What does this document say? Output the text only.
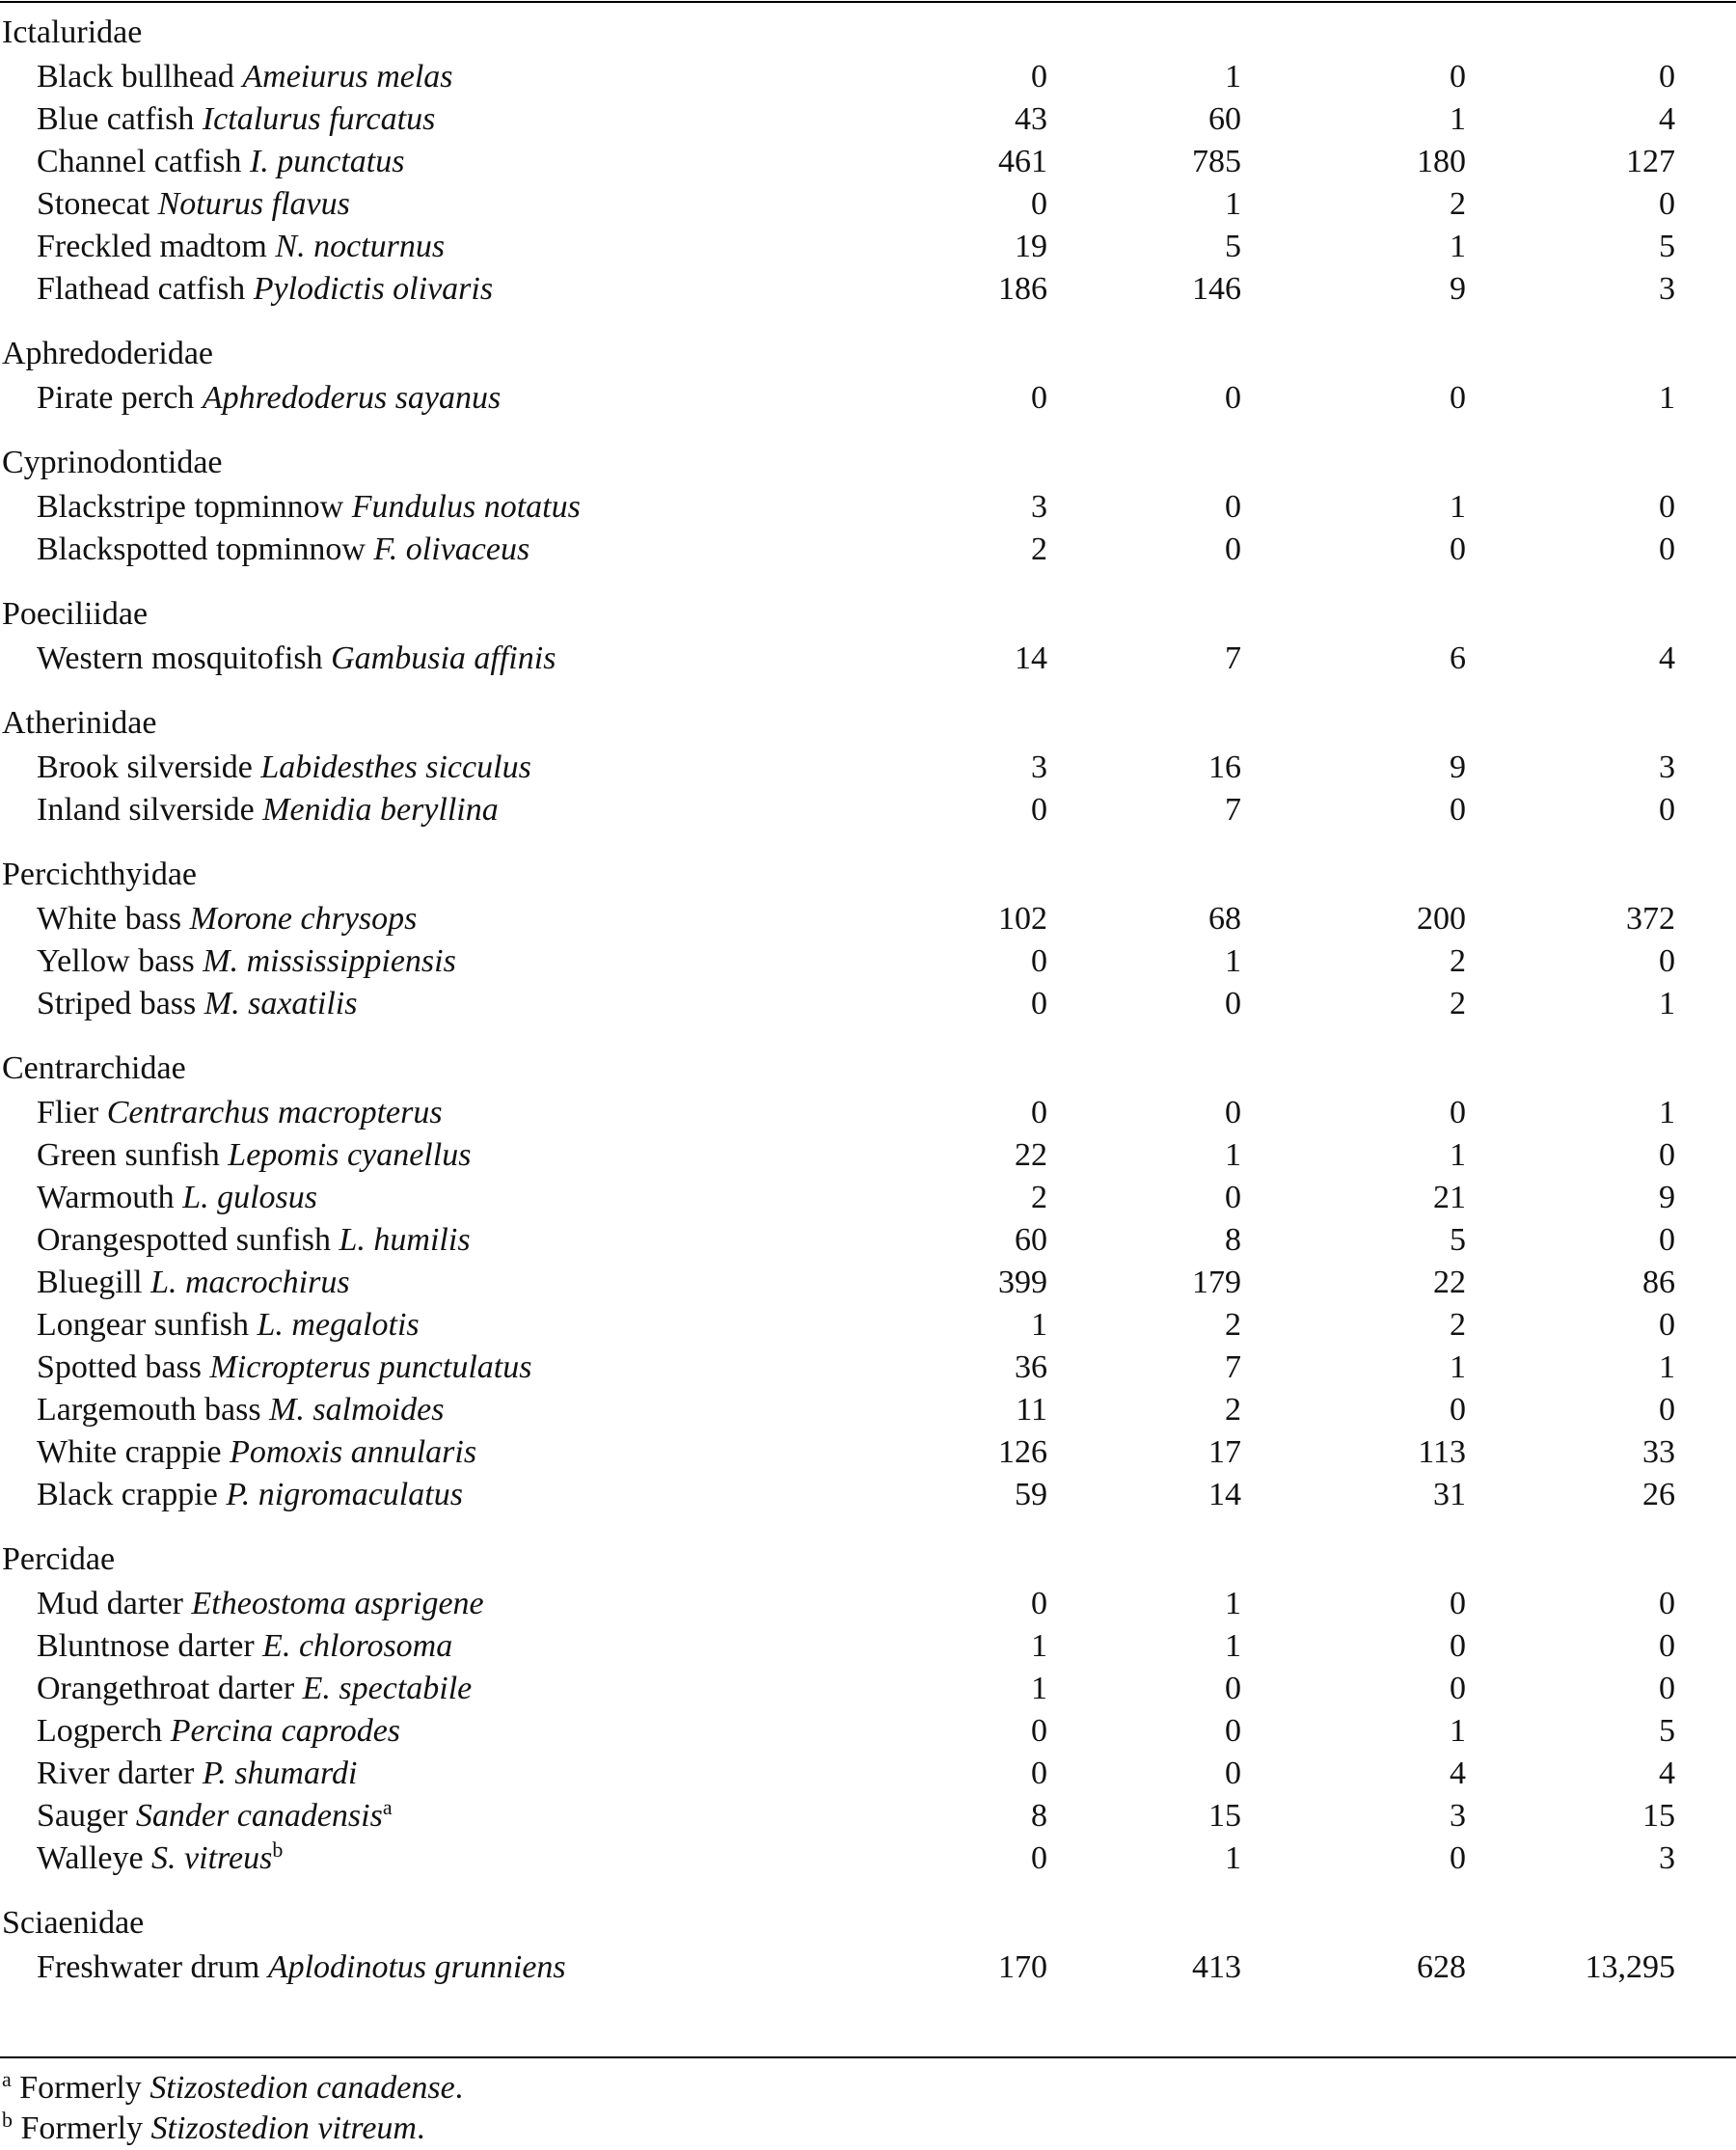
Ictaluridae
Black bullhead Ameiurus melas	0	1	0	0
Blue catfish Ictalurus furcatus	43	60	1	4
Channel catfish I. punctatus	461	785	180	127
Stonecat Noturus flavus	0	1	2	0
Freckled madtom N. nocturnus	19	5	1	5
Flathead catfish Pylodictis olivaris	186	146	9	3
Aphredoderidae
Pirate perch Aphredoderus sayanus	0	0	0	1
Cyprinodontidae
Blackstripe topminnow Fundulus notatus	3	0	1	0
Blackspotted topminnow F. olivaceus	2	0	0	0
Poeciliidae
Western mosquitofish Gambusia affinis	14	7	6	4
Atherinidae
Brook silverside Labidesthes sicculus	3	16	9	3
Inland silverside Menidia beryllina	0	7	0	0
Percichthyidae
White bass Morone chrysops	102	68	200	372
Yellow bass M. mississippiensis	0	1	2	0
Striped bass M. saxatilis	0	0	2	1
Centrarchidae
Flier Centrarchus macropterus	0	0	0	1
Green sunfish Lepomis cyanellus	22	1	1	0
Warmouth L. gulosus	2	0	21	9
Orangespotted sunfish L. humilis	60	8	5	0
Bluegill L. macrochirus	399	179	22	86
Longear sunfish L. megalotis	1	2	2	0
Spotted bass Micropterus punctulatus	36	7	1	1
Largemouth bass M. salmoides	11	2	0	0
White crappie Pomoxis annularis	126	17	113	33
Black crappie P. nigromaculatus	59	14	31	26
Percidae
Mud darter Etheostoma asprigene	0	1	0	0
Bluntnose darter E. chlorosoma	1	1	0	0
Orangethroat darter E. spectabile	1	0	0	0
Logperch Percina caprodes	0	0	1	5
River darter P. shumardi	0	0	4	4
Sauger Sander canadensis$^a$	8	15	3	15
Walleye S. vitreus$^b$	0	1	0	3
Sciaenidae
Freshwater drum Aplodinotus grunniens	170	413	628	13,295
$^a$ Formerly Stizostedion canadense.
$^b$ Formerly Stizostedion vitreum.
